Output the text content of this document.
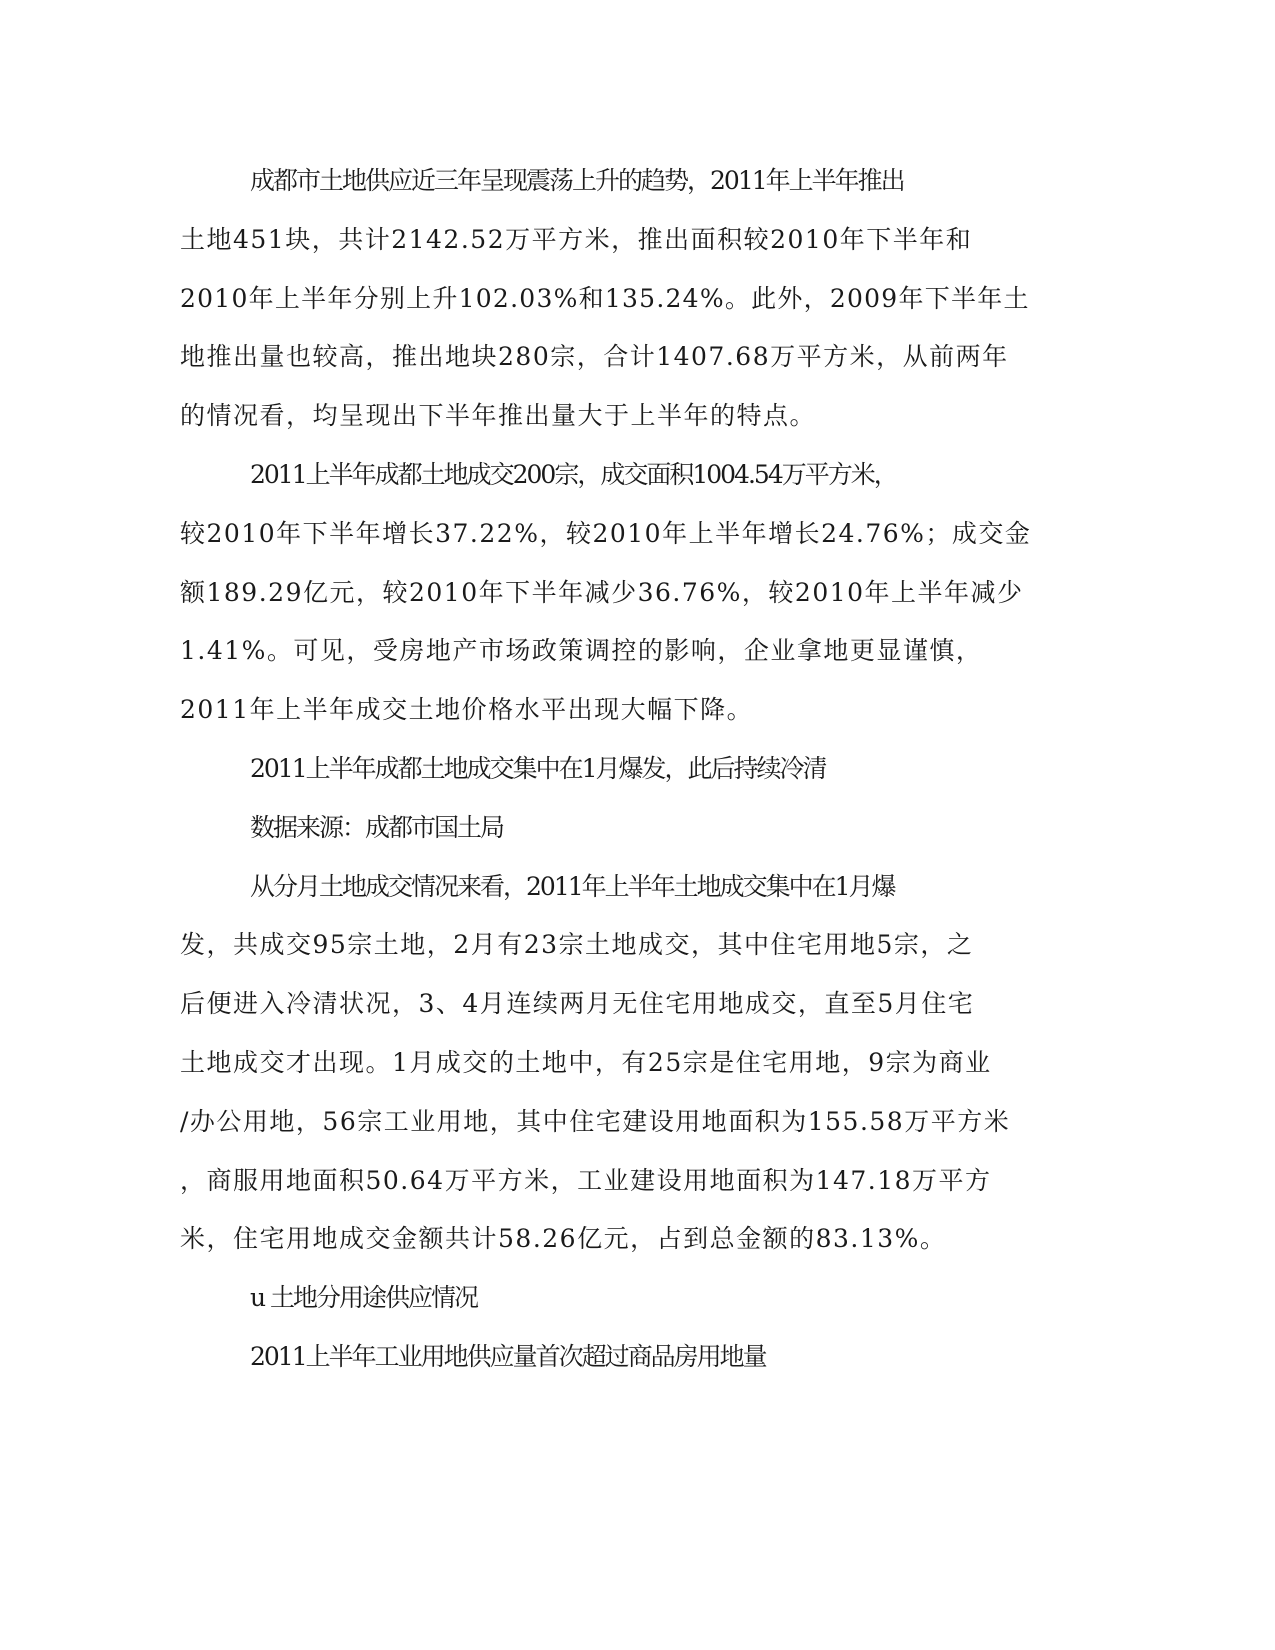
成都市土地供应近三年呈现震荡上升的趋势，2011年上半年推出
土地451块，共计2142.52万平方米，推出面积较2010年下半年和
2010年上半年分别上升102.03%和135.24%。此外，2009年下半年土
地推出量也较高，推出地块280宗，合计1407.68万平方米，从前两年
的情况看，均呈现出下半年推出量大于上半年的特点。
2011上半年成都土地成交200宗，成交面积1004.54万平方米，
较2010年下半年增长37.22%，较2010年上半年增长24.76%；成交金
额189.29亿元，较2010年下半年减少36.76%，较2010年上半年减少
1.41%。可见，受房地产市场政策调控的影响，企业拿地更显谨慎，
2011年上半年成交土地价格水平出现大幅下降。
2011上半年成都土地成交集中在1月爆发，此后持续冷清
数据来源：成都市国土局
从分月土地成交情况来看，2011年上半年土地成交集中在1月爆
发，共成交95宗土地，2月有23宗土地成交，其中住宅用地5宗，之
后便进入冷清状况，3、4月连续两月无住宅用地成交，直至5月住宅
土地成交才出现。1月成交的土地中，有25宗是住宅用地，9宗为商业
/办公用地，56宗工业用地，其中住宅建设用地面积为155.58万平方米
，商服用地面积50.64万平方米，工业建设用地面积为147.18万平方
米，住宅用地成交金额共计58.26亿元，占到总金额的83.13%。
u 土地分用途供应情况
2011上半年工业用地供应量首次超过商品房用地量
